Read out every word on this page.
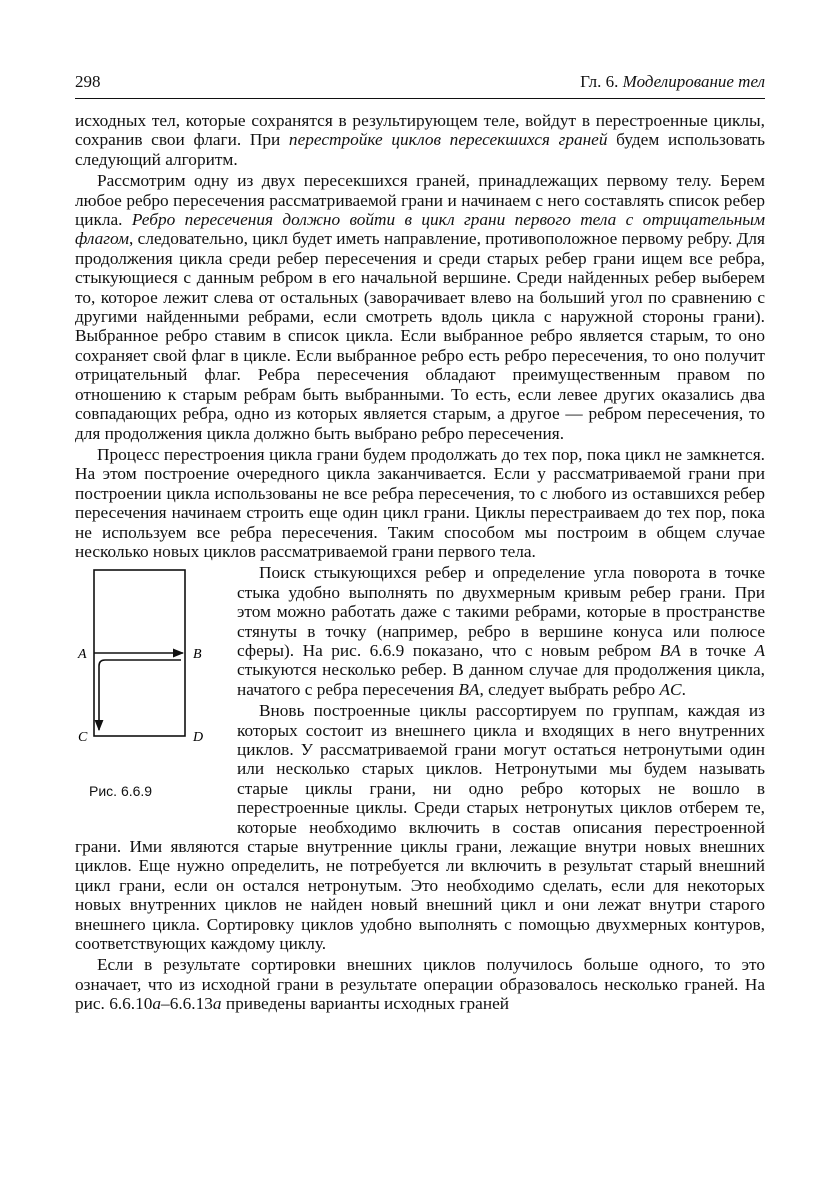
298	Гл. 6. Моделирование тел

исходных тел, которые сохранятся в результирующем теле, войдут в перестроенные циклы, сохранив свои флаги. При перестройке циклов пересекшихся граней будем использовать следующий алгоритм.

Рассмотрим одну из двух пересекшихся граней, принадлежащих первому телу. Берем любое ребро пересечения рассматриваемой грани и начинаем с него составлять список ребер цикла. Ребро пересечения должно войти в цикл грани первого тела с отрицательным флагом, следовательно, цикл будет иметь направление, противоположное первому ребру. Для продолжения цикла среди ребер пересечения и среди старых ребер грани ищем все ребра, стыкующиеся с данным ребром в его начальной вершине. Среди найденных ребер выберем то, которое лежит слева от остальных (заворачивает влево на больший угол по сравнению с другими найденными ребрами, если смотреть вдоль цикла с наружной стороны грани). Выбранное ребро ставим в список цикла. Если выбранное ребро является старым, то оно сохраняет свой флаг в цикле. Если выбранное ребро есть ребро пересечения, то оно получит отрицательный флаг. Ребра пересечения обладают преимущественным правом по отношению к старым ребрам быть выбранными. То есть, если левее других оказались два совпадающих ребра, одно из которых является старым, а другое — ребром пересечения, то для продолжения цикла должно быть выбрано ребро пересечения.

Процесс перестроения цикла грани будем продолжать до тех пор, пока цикл не замкнется. На этом построение очередного цикла заканчивается. Если у рассматриваемой грани при построении цикла использованы не все ребра пересечения, то с любого из оставшихся ребер пересечения начинаем строить еще один цикл грани. Циклы перестраиваем до тех пор, пока не используем все ребра пересечения. Таким способом мы построим в общем случае несколько новых циклов рассматриваемой грани первого тела.

A	B
C	D
Рис. 6.6.9

Поиск стыкующихся ребер и определение угла поворота в точке стыка удобно выполнять по двухмерным кривым ребер грани. При этом можно работать даже с такими ребрами, которые в пространстве стянуты в точку (например, ребро в вершине конуса или полюсе сферы). На рис. 6.6.9 показано, что с новым ребром BA в точке A стыкуются несколько ребер. В данном случае для продолжения цикла, начатого с ребра пересечения BA, следует выбрать ребро AC.

Вновь построенные циклы рассортируем по группам, каждая из которых состоит из внешнего цикла и входящих в него внутренних циклов. У рассматриваемой грани могут остаться нетронутыми один или несколько старых циклов. Нетронутыми мы будем называть старые циклы грани, ни одно ребро которых не вошло в перестроенные циклы. Среди старых нетронутых циклов отберем те, которые необходимо включить в состав описания перестроенной грани. Ими являются старые внутренние циклы грани, лежащие внутри новых внешних циклов. Еще нужно определить, не потребуется ли включить в результат старый внешний цикл грани, если он остался нетронутым. Это необходимо сделать, если для некоторых новых внутренних циклов не найден новый внешний цикл и они лежат внутри старого внешнего цикла. Сортировку циклов удобно выполнять с помощью двухмерных контуров, соответствующих каждому циклу.

Если в результате сортировки внешних циклов получилось больше одного, то это означает, что из исходной грани в результате операции образовалось несколько граней. На рис. 6.6.10а–6.6.13а приведены варианты исходных граней
